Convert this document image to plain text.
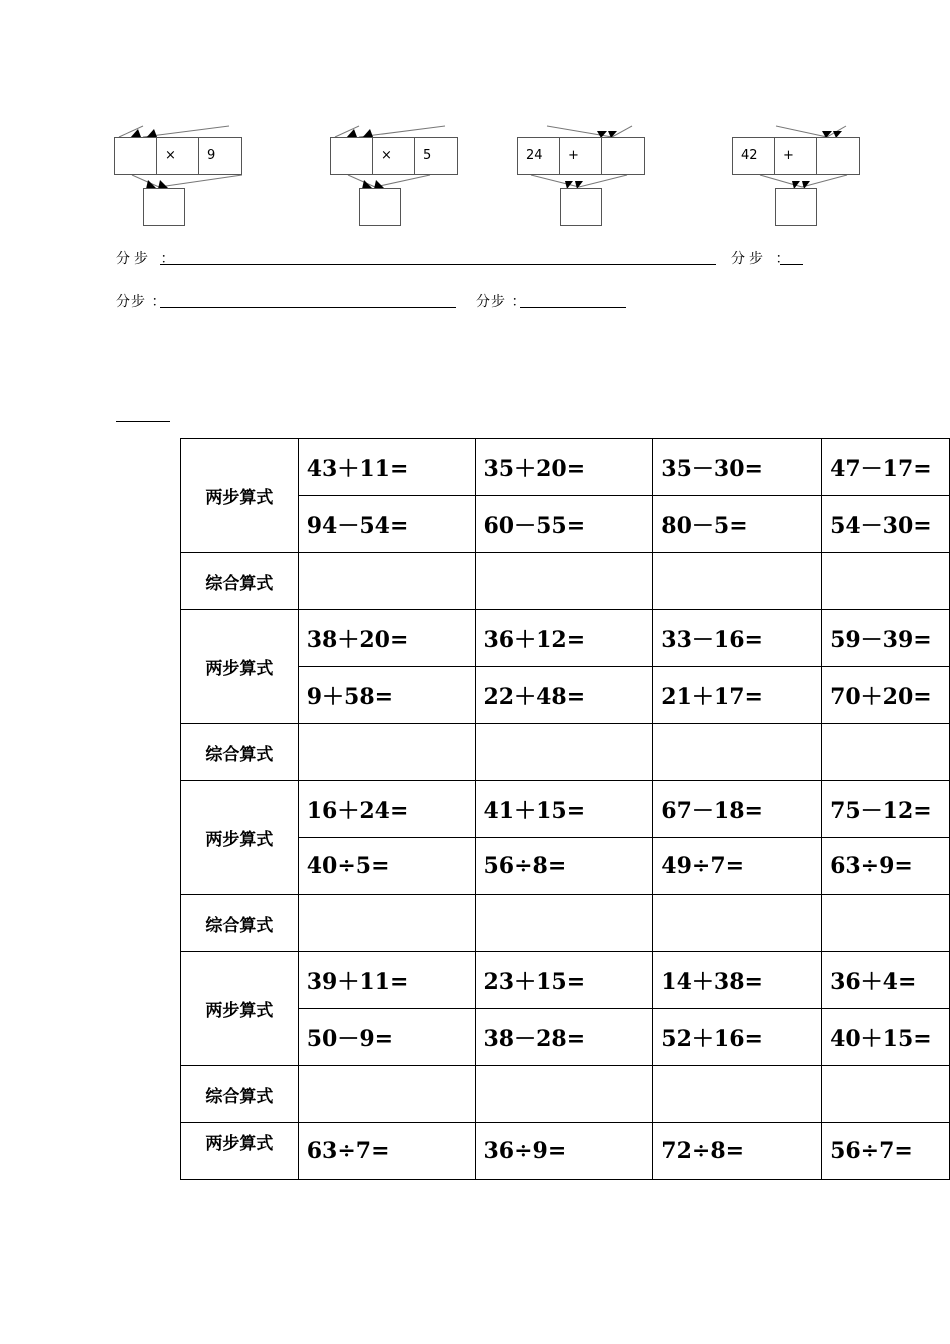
×	9	×	5	24	+	42	+
分步 ：	分步 ：
分步 ：	分步 ：
两步算式	43＋11=	35＋20=	35－30=	47－17=
	94－54=	60－55=	80－5=	54－30=
综合算式				
两步算式	38＋20=	36＋12=	33－16=	59－39=
	9＋58=	22＋48=	21＋17=	70＋20=
综合算式				
两步算式	16＋24=	41＋15=	67－18=	75－12=
	40÷5=	56÷8=	49÷7=	63÷9=
综合算式				
两步算式	39＋11=	23＋15=	14＋38=	36＋4=
	50－9=	38－28=	52＋16=	40＋15=
综合算式				
两步算式	63÷7=	36÷9=	72÷8=	56÷7=
